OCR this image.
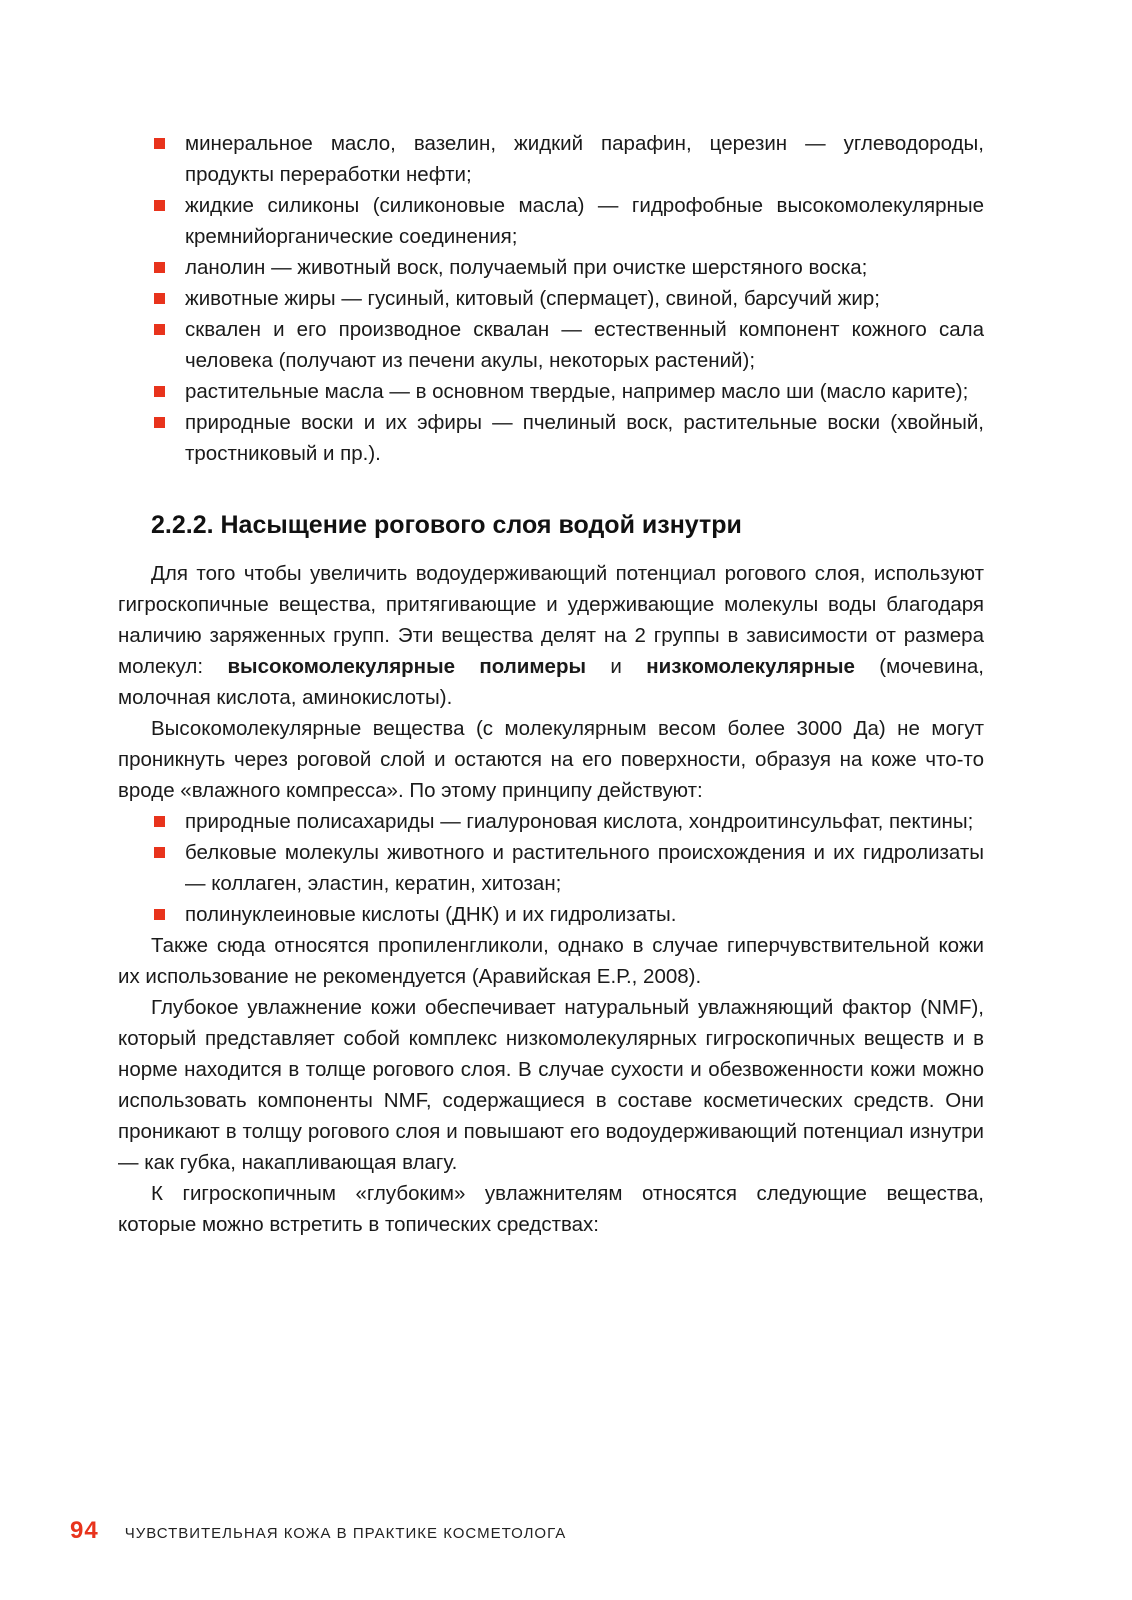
минеральное масло, вазелин, жидкий парафин, церезин — углеводороды, продукты переработки нефти;
жидкие силиконы (силиконовые масла) — гидрофобные высокомолекулярные кремнийорганические соединения;
ланолин — животный воск, получаемый при очистке шерстяного воска;
животные жиры — гусиный, китовый (спермацет), свиной, барсучий жир;
сквален и его производное сквалан — естественный компонент кожного сала человека (получают из печени акулы, некоторых растений);
растительные масла — в основном твердые, например масло ши (масло карите);
природные воски и их эфиры — пчелиный воск, растительные воски (хвойный, тростниковый и пр.).
2.2.2. Насыщение рогового слоя водой изнутри

Для того чтобы увеличить водоудерживающий потенциал рогового слоя, используют гигроскопичные вещества, притягивающие и удерживающие молекулы воды благодаря наличию заряженных групп. Эти вещества делят на 2 группы в зависимости от размера молекул: высокомолекулярные полимеры и низкомолекулярные (мочевина, молочная кислота, аминокислоты).

Высокомолекулярные вещества (с молекулярным весом более 3000 Да) не могут проникнуть через роговой слой и остаются на его поверхности, образуя на коже что-то вроде «влажного компресса». По этому принципу действуют:

природные полисахариды — гиалуроновая кислота, хондроитинсульфат, пектины;
белковые молекулы животного и растительного происхождения и их гидролизаты — коллаген, эластин, кератин, хитозан;
полинуклеиновые кислоты (ДНК) и их гидролизаты.

Также сюда относятся пропиленгликоли, однако в случае гиперчувствительной кожи их использование не рекомендуется (Аравийская Е.Р., 2008).

Глубокое увлажнение кожи обеспечивает натуральный увлажняющий фактор (NMF), который представляет собой комплекс низкомолекулярных гигроскопичных веществ и в норме находится в толще рогового слоя. В случае сухости и обезвоженности кожи можно использовать компоненты NMF, содержащиеся в составе косметических средств. Они проникают в толщу рогового слоя и повышают его водоудерживающий потенциал изнутри — как губка, накапливающая влагу.

К гигроскопичным «глубоким» увлажнителям относятся следующие вещества, которые можно встретить в топических средствах:

94 ЧУВСТВИТЕЛЬНАЯ КОЖА В ПРАКТИКЕ КОСМЕТОЛОГА
